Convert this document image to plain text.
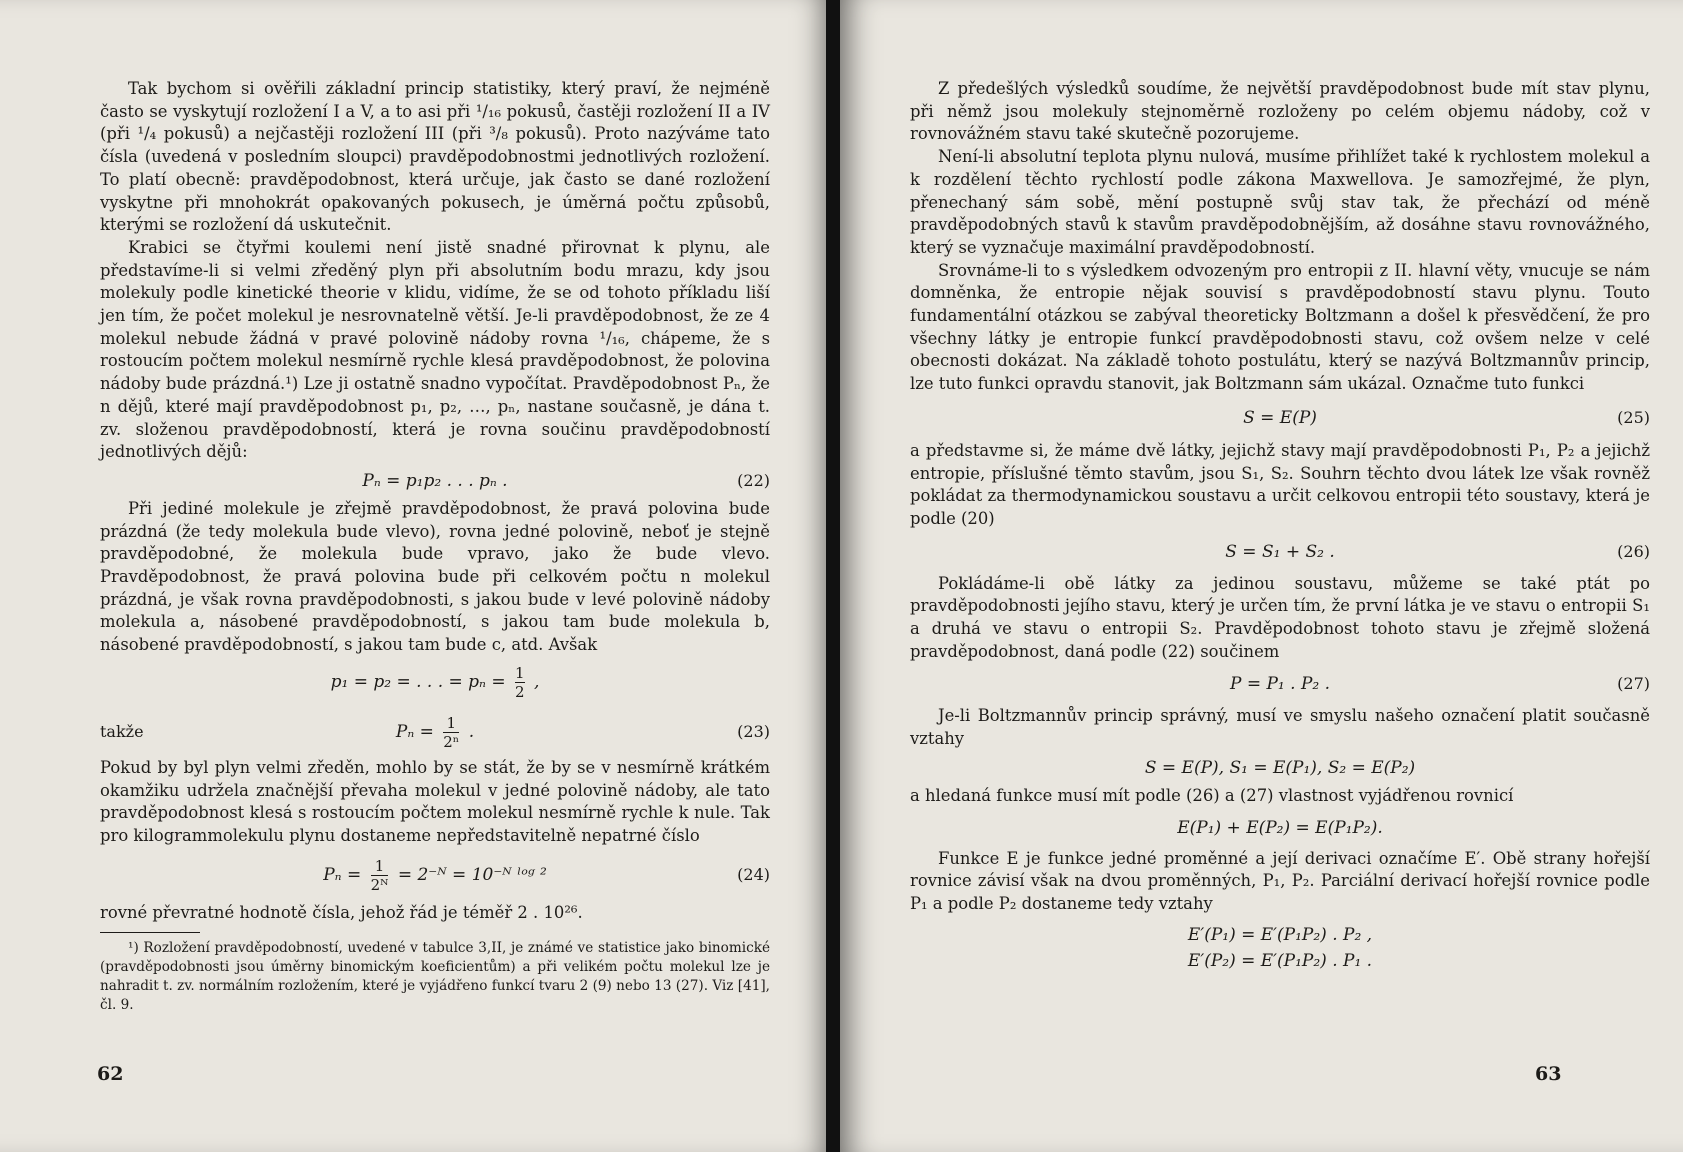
Tak bychom si ověřili základní princip statistiky, který praví, že nejméně často se vyskytují rozložení I a V, a to asi při ¹/₁₆ pokusů, častěji rozložení II a IV (při ¹/₄ pokusů) a nejčastěji rozložení III (při ³/₈ pokusů). Proto nazýváme tato čísla (uvedená v posledním sloupci) pravděpodobnostmi jednotlivých rozložení. To platí obecně: pravděpodobnost, která určuje, jak často se dané rozložení vyskytne při mnohokrát opakovaných pokusech, je úměrná počtu způsobů, kterými se rozložení dá uskutečnit.

Krabici se čtyřmi koulemi není jistě snadné přirovnat k plynu, ale představíme-li si velmi zředěný plyn při absolutním bodu mrazu, kdy jsou molekuly podle kinetické theorie v klidu, vidíme, že se od tohoto příkladu liší jen tím, že počet molekul je nesrovnatelně větší. Je-li pravděpodobnost, že ze 4 molekul nebude žádná v pravé polovině nádoby rovna ¹/₁₆, chápeme, že s rostoucím počtem molekul nesmírně rychle klesá pravděpodobnost, že polovina nádoby bude prázdná.¹) Lze ji ostatně snadno vypočítat. Pravděpodobnost Pₙ, že n dějů, které mají pravděpodobnost p₁, p₂, …, pₙ, nastane současně, je dána t. zv. složenou pravděpodobností, která je rovna součinu pravděpodobností jednotlivých dějů:

Pₙ = p₁p₂ . . . pₙ .	(22)

Při jediné molekule je zřejmě pravděpodobnost, že pravá polovina bude prázdná (že tedy molekula bude vlevo), rovna jedné polovině, neboť je stejně pravděpodobné, že molekula bude vpravo, jako že bude vlevo. Pravděpodobnost, že pravá polovina bude při celkovém počtu n molekul prázdná, je však rovna pravděpodobnosti, s jakou bude v levé polovině nádoby molekula a, násobené pravděpodobností, s jakou tam bude molekula b, násobené pravděpodobností, s jakou tam bude c, atd. Avšak

p₁ = p₂ = . . . = $p_n = \frac{1}{2}$ ,
takže	$P_n = \frac{1}{\text{2ⁿ}}$ .	(23)

Pokud by byl plyn velmi zředěn, mohlo by se stát, že by se v nesmírně krátkém okamžiku udržela značnější převaha molekul v jedné polovině nádoby, ale tato pravděpodobnost klesá s rostoucím počtem molekul nesmírně rychle k nule. Tak pro kilogrammolekulu plynu dostaneme nepředstavitelně nepatrné číslo

$P_n = \frac{1}{\text{2ᴺ}}$ = 2⁻ᴺ = 10⁻ᴺ ˡᵒᵍ ²	(24)

rovné převratné hodnotě čísla, jehož řád je téměř 2 . 10²⁶.

¹) Rozložení pravděpodobností, uvedené v tabulce 3,II, je známé ve statistice jako binomické (pravděpodobnosti jsou úměrny binomickým koeficientům) a při velikém počtu molekul lze je nahradit t. zv. normálním rozložením, které je vyjádřeno funkcí tvaru 2 (9) nebo 13 (27). Viz [41], čl. 9.

62

Z předešlých výsledků soudíme, že největší pravděpodobnost bude mít stav plynu, při němž jsou molekuly stejnoměrně rozloženy po celém objemu nádoby, což v rovnovážném stavu také skutečně pozorujeme.

Není-li absolutní teplota plynu nulová, musíme přihlížet také k rychlostem molekul a k rozdělení těchto rychlostí podle zákona Maxwellova. Je samozřejmé, že plyn, přenechaný sám sobě, mění postupně svůj stav tak, že přechází od méně pravděpodobných stavů k stavům pravděpodobnějším, až dosáhne stavu rovnovážného, který se vyznačuje maximální pravděpodobností.

Srovnáme-li to s výsledkem odvozeným pro entropii z II. hlavní věty, vnucuje se nám domněnka, že entropie nějak souvisí s pravděpodobností stavu plynu. Touto fundamentální otázkou se zabýval theoreticky Boltzmann a došel k přesvědčení, že pro všechny látky je entropie funkcí pravděpodobnosti stavu, což ovšem nelze v celé obecnosti dokázat. Na základě tohoto postulátu, který se nazývá Boltzmannův princip, lze tuto funkci opravdu stanovit, jak Boltzmann sám ukázal. Označme tuto funkci

S = E(P)	(25)

a představme si, že máme dvě látky, jejichž stavy mají pravděpodobnosti P₁, P₂ a jejichž entropie, příslušné těmto stavům, jsou S₁, S₂. Souhrn těchto dvou látek lze však rovněž pokládat za thermodynamickou soustavu a určit celkovou entropii této soustavy, která je podle (20)

S = S₁ + S₂ .	(26)

Pokládáme-li obě látky za jedinou soustavu, můžeme se také ptát po pravděpodobnosti jejího stavu, který je určen tím, že první látka je ve stavu o entropii S₁ a druhá ve stavu o entropii S₂. Pravděpodobnost tohoto stavu je zřejmě složená pravděpodobnost, daná podle (22) součinem

P = P₁ . P₂ .	(27)

Je-li Boltzmannův princip správný, musí ve smyslu našeho označení platit současně vztahy

S = E(P), S₁ = E(P₁), S₂ = E(P₂)

a hledaná funkce musí mít podle (26) a (27) vlastnost vyjádřenou rovnicí

E(P₁) + E(P₂) = E(P₁P₂).

Funkce E je funkce jedné proměnné a její derivaci označíme E′. Obě strany hořejší rovnice závisí však na dvou proměnných, P₁, P₂. Parciální derivací hořejší rovnice podle P₁ a podle P₂ dostaneme tedy vztahy

E′(P₁) = E′(P₁P₂) . P₂ ,
E′(P₂) = E′(P₁P₂) . P₁ .
63
